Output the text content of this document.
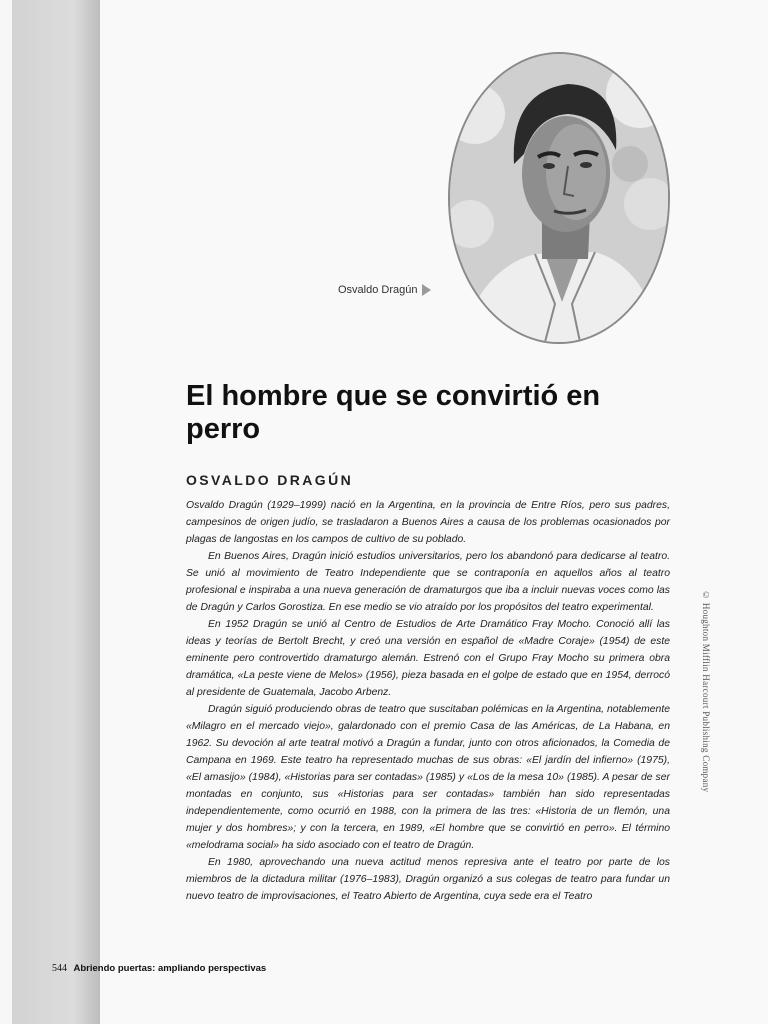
Osvaldo Dragún
El hombre que se convirtió en perro
OSVALDO DRAGÚN

Osvaldo Dragún (1929–1999) nació en la Argentina, en la provincia de Entre Ríos, pero sus padres, campesinos de origen judío, se trasladaron a Buenos Aires a causa de los problemas ocasionados por plagas de langostas en los campos de cultivo de su poblado.

En Buenos Aires, Dragún inició estudios universitarios, pero los abandonó para dedicarse al teatro. Se unió al movimiento de Teatro Independiente que se contraponía en aquellos años al teatro profesional e inspiraba a una nueva generación de dramaturgos que iba a incluir nuevas voces como las de Dragún y Carlos Gorostiza. En ese medio se vio atraído por los propósitos del teatro experimental.

En 1952 Dragún se unió al Centro de Estudios de Arte Dramático Fray Mocho. Conoció allí las ideas y teorías de Bertolt Brecht, y creó una versión en español de «Madre Coraje» (1954) de este eminente pero controvertido dramaturgo alemán. Estrenó con el Grupo Fray Mocho su primera obra dramática, «La peste viene de Melos» (1956), pieza basada en el golpe de estado que en 1954, derrocó al presidente de Guatemala, Jacobo Arbenz.

Dragún siguió produciendo obras de teatro que suscitaban polémicas en la Argentina, notablemente «Milagro en el mercado viejo», galardonado con el premio Casa de las Américas, de La Habana, en 1962. Su devoción al arte teatral motivó a Dragún a fundar, junto con otros aficionados, la Comedia de Campana en 1969. Este teatro ha representado muchas de sus obras: «El jardín del infierno» (1975), «El amasijo» (1984), «Historias para ser contadas» (1985) y «Los de la mesa 10» (1985). A pesar de ser montadas en conjunto, sus «Historias para ser contadas» también han sido representadas independientemente, como ocurrió en 1988, con la primera de las tres: «Historia de un flemón, una mujer y dos hombres»; y con la tercera, en 1989, «El hombre que se convirtió en perro». El término «melodrama social» ha sido asociado con el teatro de Dragún.

En 1980, aprovechando una nueva actitud menos represiva ante el teatro por parte de los miembros de la dictadura militar (1976–1983), Dragún organizó a sus colegas de teatro para fundar un nuevo teatro de improvisaciones, el Teatro Abierto de Argentina, cuya sede era el Teatro

© Houghton Mifflin Harcourt Publishing Company
544 Abriendo puertas: ampliando perspectivas
